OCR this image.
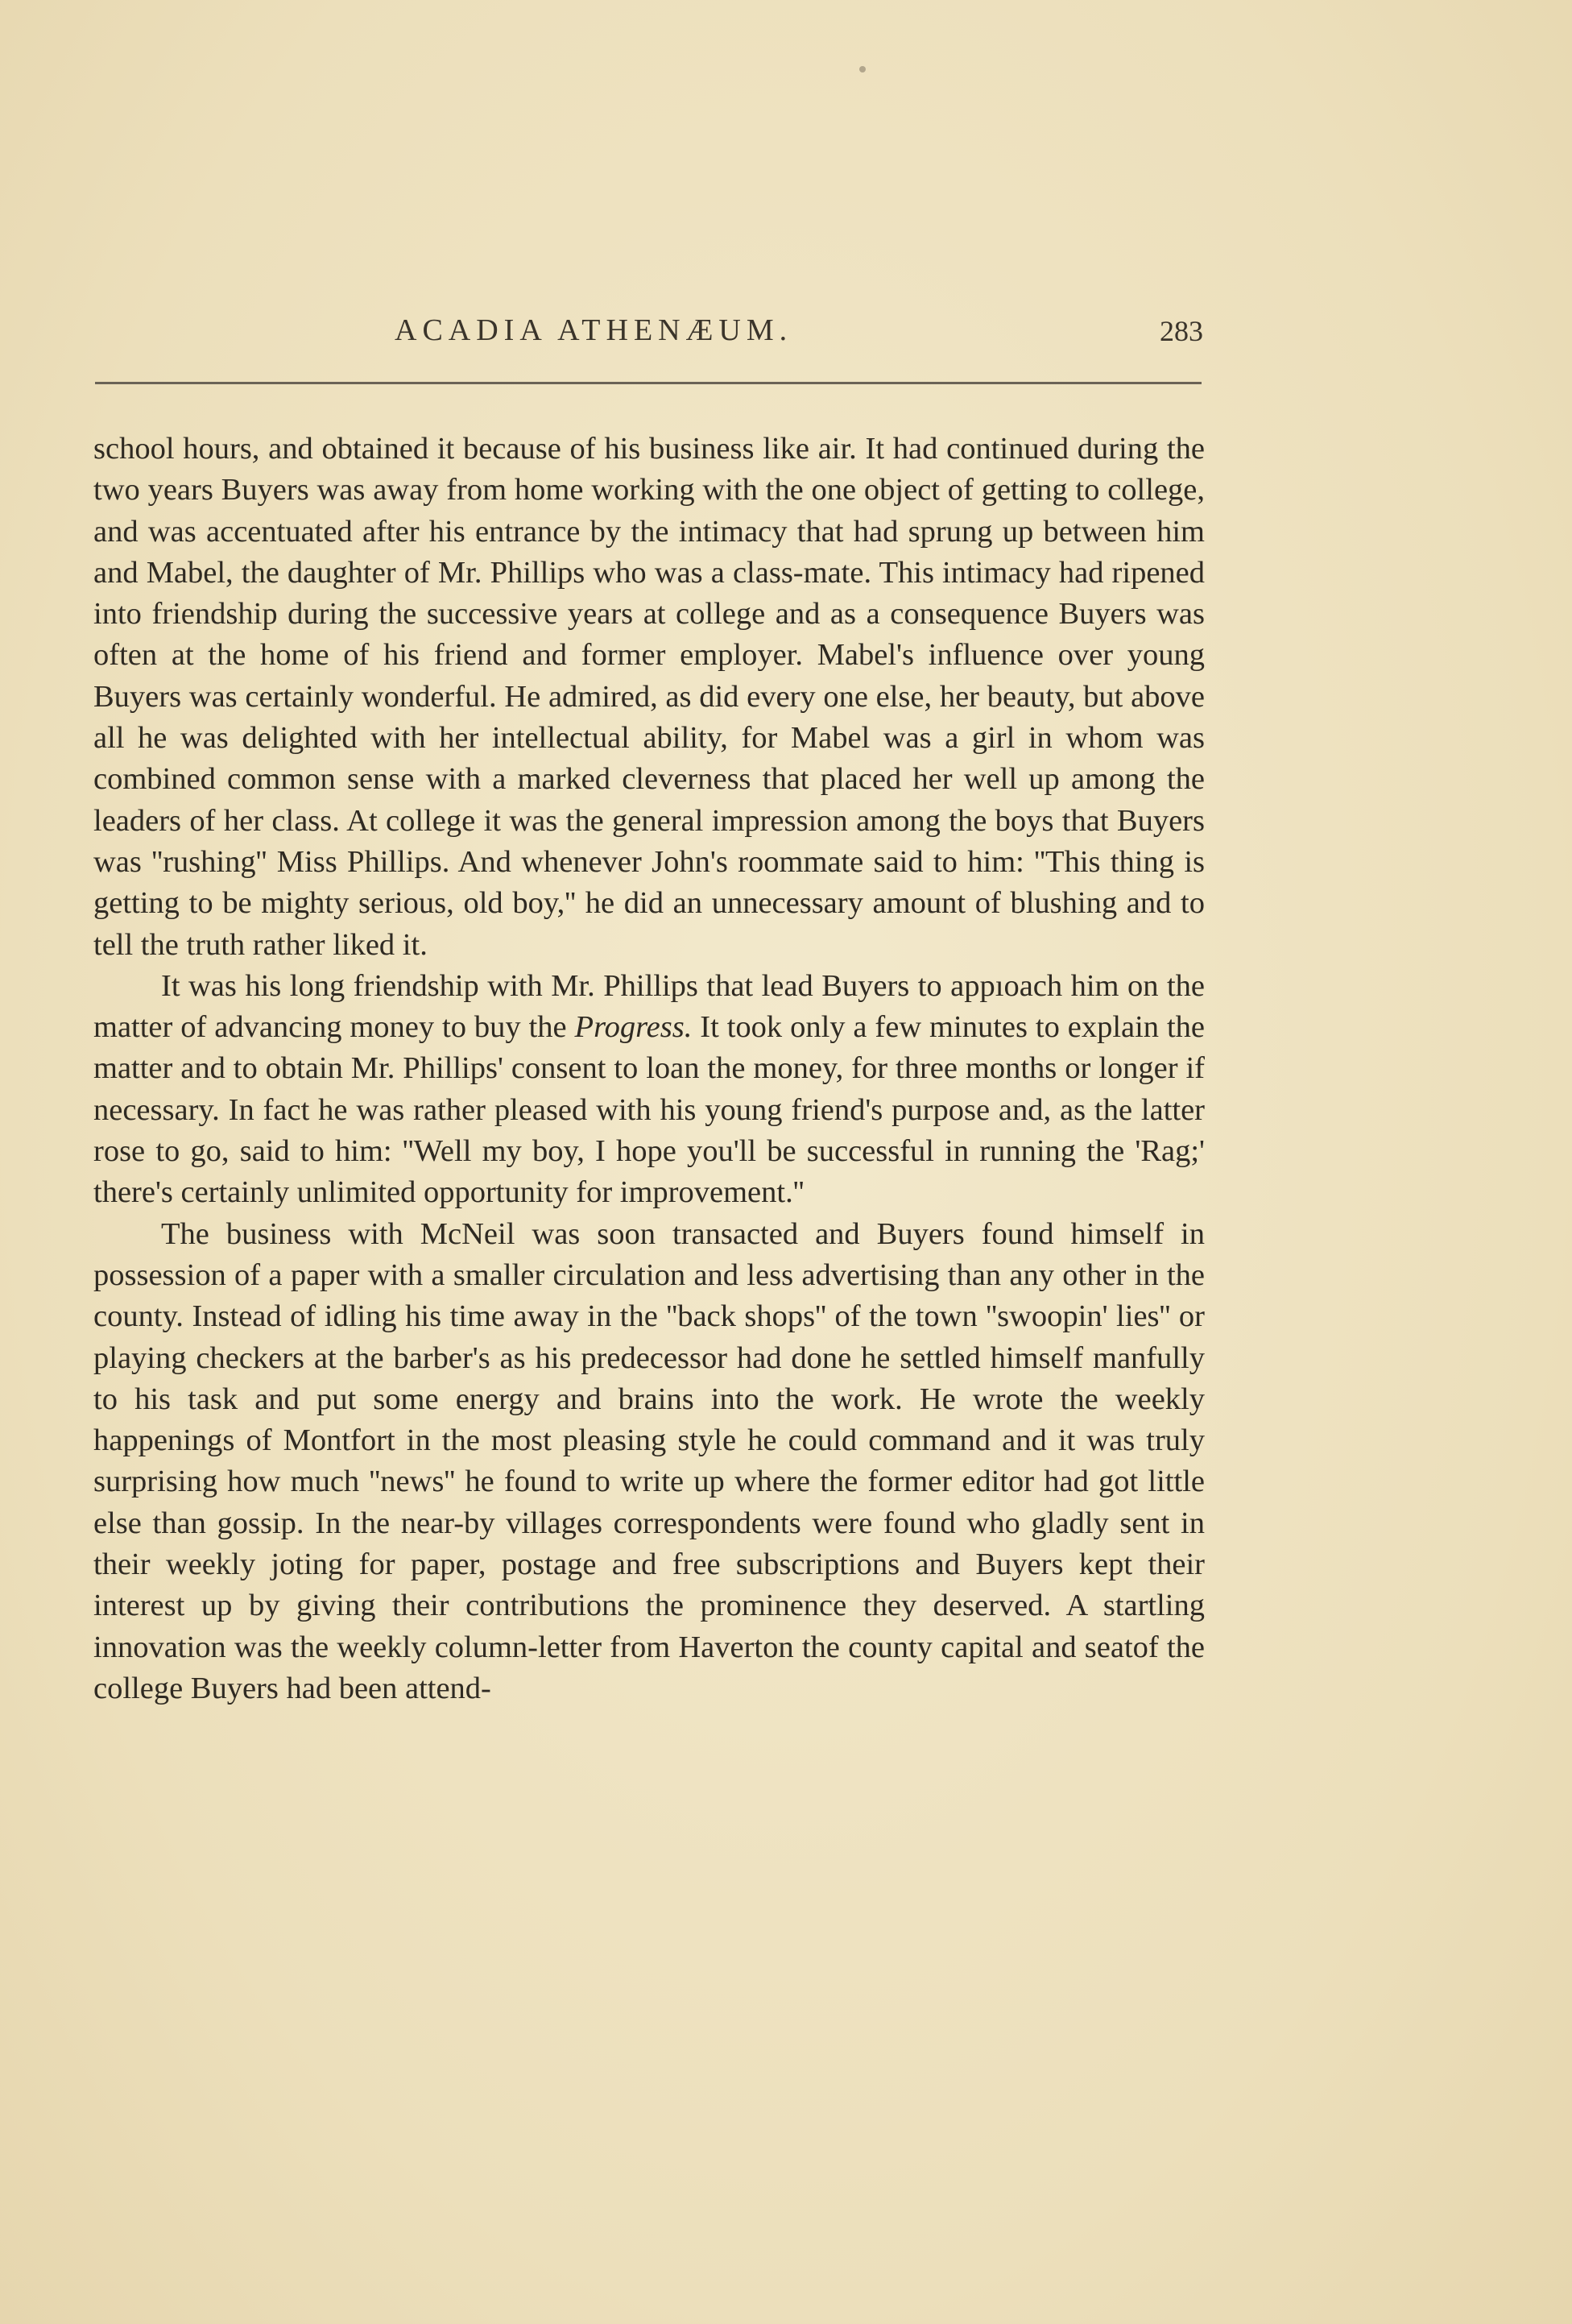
ACADIA ATHENÆUM.	283

school hours, and obtained it because of his business like air. It had continued during the two years Buyers was away from home working with the one object of getting to college, and was accentuated after his entrance by the intimacy that had sprung up between him and Mabel, the daughter of Mr. Phillips who was a class-mate. This intimacy had ripened into friendship during the successive years at college and as a consequence Buyers was often at the home of his friend and former employer. Mabel's influence over young Buyers was certainly wonderful. He admired, as did every one else, her beauty, but above all he was delighted with her intellectual ability, for Mabel was a girl in whom was combined common sense with a marked cleverness that placed her well up among the leaders of her class. At college it was the general impression among the boys that Buyers was ''rushing'' Miss Phillips. And whenever John's roommate said to him: ''This thing is getting to be mighty serious, old boy,'' he did an unnecessary amount of blushing and to tell the truth rather liked it.

It was his long friendship with Mr. Phillips that lead Buyers to appıoach him on the matter of advancing money to buy the Progress. It took only a few minutes to explain the matter and to obtain Mr. Phillips' consent to loan the money, for three months or longer if necessary. In fact he was rather pleased with his young friend's purpose and, as the latter rose to go, said to him: ''Well my boy, I hope you'll be successful in running the 'Rag;' there's certainly unlimited opportunity for improvement.''

The business with McNeil was soon transacted and Buyers found himself in possession of a paper with a smaller circulation and less advertising than any other in the county. Instead of idling his time away in the ''back shops'' of the town ''swoopin' lies'' or playing checkers at the barber's as his predecessor had done he settled himself manfully to his task and put some energy and brains into the work. He wrote the weekly happenings of Montfort in the most pleasing style he could command and it was truly surprising how much ''news'' he found to write up where the former editor had got little else than gossip. In the near-by villages correspondents were found who gladly sent in their weekly joting for paper, postage and free subscriptions and Buyers kept their interest up by giving their contributions the prominence they deserved. A startling innovation was the weekly column-letter from Haverton the county capital and seatof the college Buyers had been attend-
